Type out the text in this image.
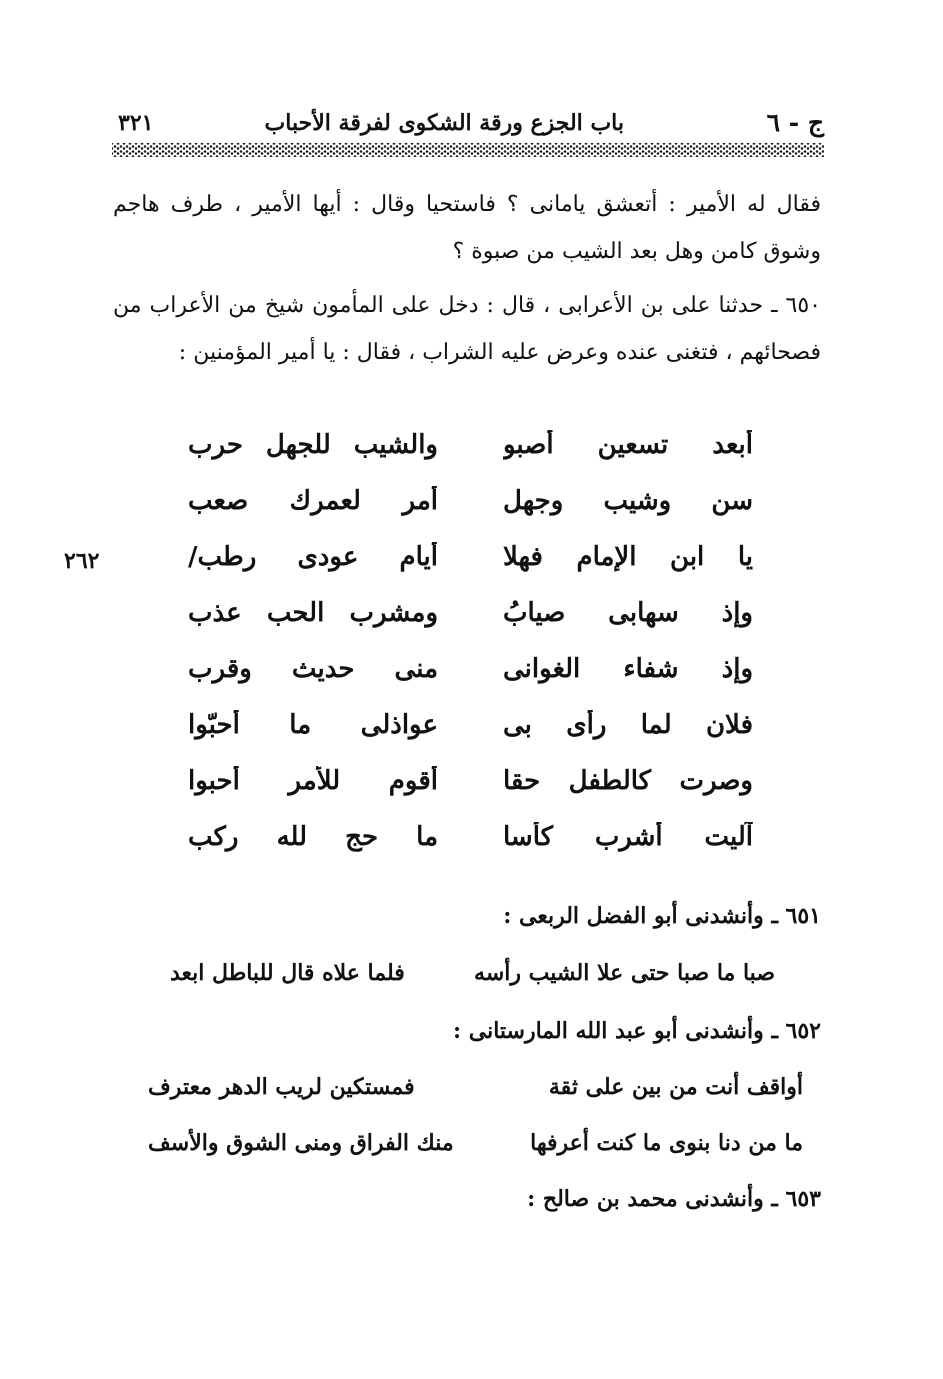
ج - ٦
باب الجزع ورقة الشكوى لفرقة الأحباب
٣٢١

فقال له الأمير : أتعشق يامانى ؟ فاستحيا وقال : أيها الأمير ، طرف هاجم وشوق كامن وهل بعد الشيب من صبوة ؟

٦٥٠ ـ حدثنا على بن الأعرابى ، قال : دخل على المأمون شيخ من الأعراب من فصحائهم ، فتغنى عنده وعرض عليه الشراب ، فقال : يا أمير المؤمنين :

أبعد تسعين أصبو
والشيب للجهل حرب
سن وشيب وجهل
أمر لعمرك صعب
يا ابن الإمام فهلا
أيام عودى رطب/
وإذ سهابى صيابُ
ومشرب الحب عذب
وإذ شفاء الغوانى
منى حديث وقرب
فلان لما رأى بى
عواذلى ما أحبّوا
وصرت كالطفل حقا
أقوم للأمر أحبوا
آليت أشرب كأسا
ما حج لله ركب
٢٦٢
٦٥١ ـ وأنشدنى أبو الفضل الربعى :
صبا ما صبا حتى علا الشيب رأسه
فلما علاه قال للباطل ابعد
٦٥٢ ـ وأنشدنى أبو عبد الله المارستانى :
أواقف أنت من بين على ثقة
فمستكين لريب الدهر معترف
ما من دنا بنوى ما كنت أعرفها
منك الفراق ومنى الشوق والأسف
٦٥٣ ـ وأنشدنى محمد بن صالح :
